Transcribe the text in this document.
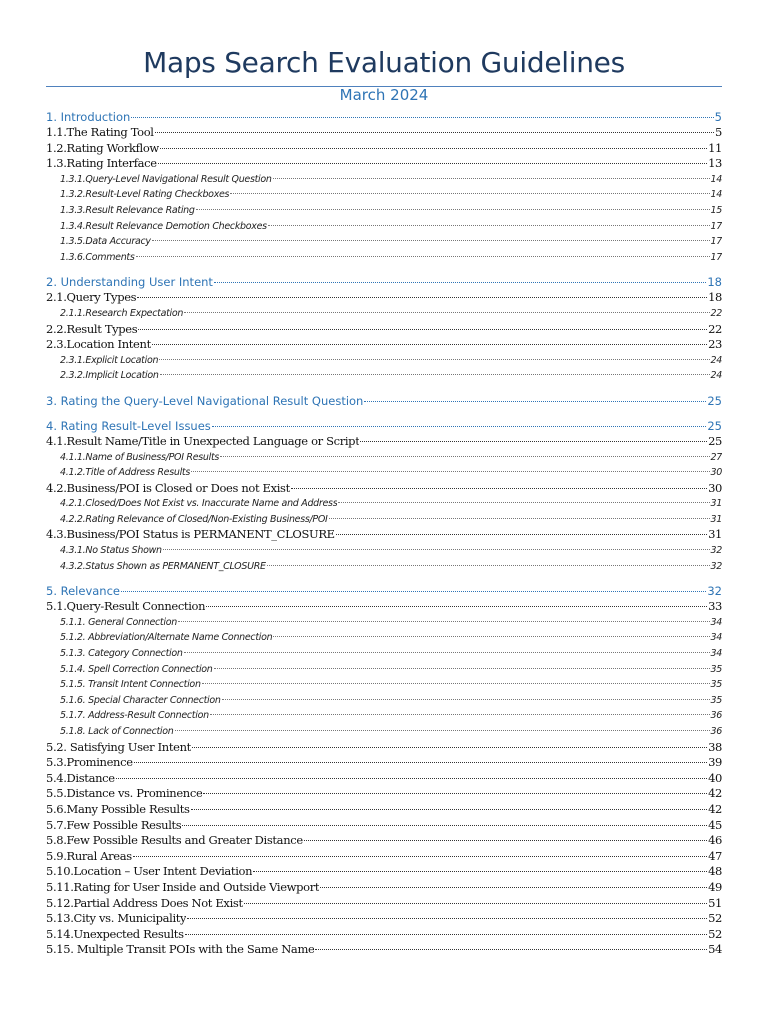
Maps Search Evaluation Guidelines
March 2024
1. Introduction	5
1.1.The Rating Tool	5
1.2.Rating Workflow	11
1.3.Rating Interface	13
1.3.1.Query-Level Navigational Result Question	14
1.3.2.Result-Level Rating Checkboxes	14
1.3.3.Result Relevance Rating	15
1.3.4.Result Relevance Demotion Checkboxes	17
1.3.5.Data Accuracy	17
1.3.6.Comments	17
2. Understanding User Intent	18
2.1.Query Types	18
2.1.1.Research Expectation	22
2.2.Result Types	22
2.3.Location Intent	23
2.3.1.Explicit Location	24
2.3.2.Implicit Location	24
3. Rating the Query-Level Navigational Result Question	25
4. Rating Result-Level Issues	25
4.1.Result Name/Title in Unexpected Language or Script	25
4.1.1.Name of Business/POI Results	27
4.1.2.Title of Address Results	30
4.2.Business/POI is Closed or Does not Exist	30
4.2.1.Closed/Does Not Exist vs. Inaccurate Name and Address	31
4.2.2.Rating Relevance of Closed/Non-Existing Business/POI	31
4.3.Business/POI Status is PERMANENT_CLOSURE	31
4.3.1.No Status Shown	32
4.3.2.Status Shown as PERMANENT_CLOSURE	32
5. Relevance	32
5.1.Query-Result Connection	33
5.1.1. General Connection	34
5.1.2. Abbreviation/Alternate Name Connection	34
5.1.3. Category Connection	34
5.1.4. Spell Correction Connection	35
5.1.5. Transit Intent Connection	35
5.1.6. Special Character Connection	35
5.1.7. Address-Result Connection	36
5.1.8. Lack of Connection	36
5.2. Satisfying User Intent	38
5.3.Prominence	39
5.4.Distance	40
5.5.Distance vs. Prominence	42
5.6.Many Possible Results	42
5.7.Few Possible Results	45
5.8.Few Possible Results and Greater Distance	46
5.9.Rural Areas	47
5.10.Location – User Intent Deviation	48
5.11.Rating for User Inside and Outside Viewport	49
5.12.Partial Address Does Not Exist	51
5.13.City vs. Municipality	52
5.14.Unexpected Results	52
5.15. Multiple Transit POIs with the Same Name	54
